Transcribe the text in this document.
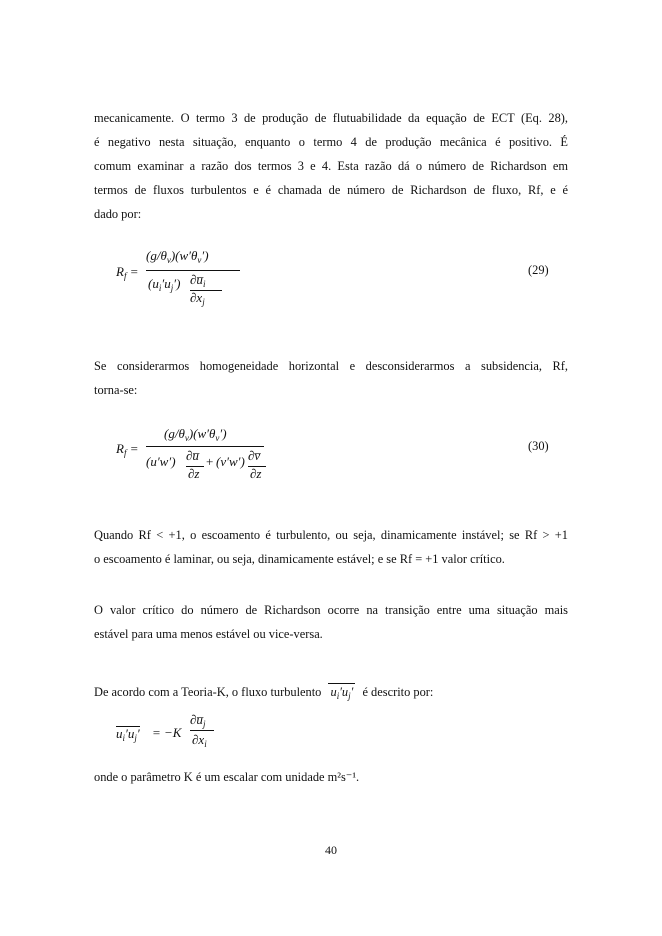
mecanicamente. O termo 3 de produção de flutuabilidade da equação de ECT (Eq. 28),
é negativo nesta situação, enquanto o termo 4 de produção mecânica é positivo. É
comum examinar a razão dos termos 3 e 4. Esta razão dá o número de Richardson em
termos de fluxos turbulentos e é chamada de número de Richardson de fluxo, Rf, e é
dado por:
$R_f$ =
$(g/\theta_v)(w'\theta_v')$
$(u_i'u_j')$ $\partial u̅_i$
$\partial x_j$
(29)
Se considerarmos homogeneidade horizontal e desconsiderarmos a subsidencia, Rf,
torna-se:
$R_f$ =
$(g/\theta_v)(w'\theta_v')$
(u′w′) ∂u̅
∂z
+ (v′w′) ∂v̅
∂z
(30)
Quando Rf < +1, o escoamento é turbulento, ou seja, dinamicamente instável; se Rf > +1
o escoamento é laminar, ou seja, dinamicamente estável; e se Rf = +1 valor crítico.
O valor crítico do número de Richardson ocorre na transição entre uma situação mais
estável para uma menos estável ou vice-versa.
De acordo com a Teoria-K, o fluxo turbulento $u_i'u_j'$ é descrito por:
$u_i'u_j' = -K$
$\partial u̅_j$
$\partial x_i$
onde o parâmetro K é um escalar com unidade m²s⁻¹.
40
